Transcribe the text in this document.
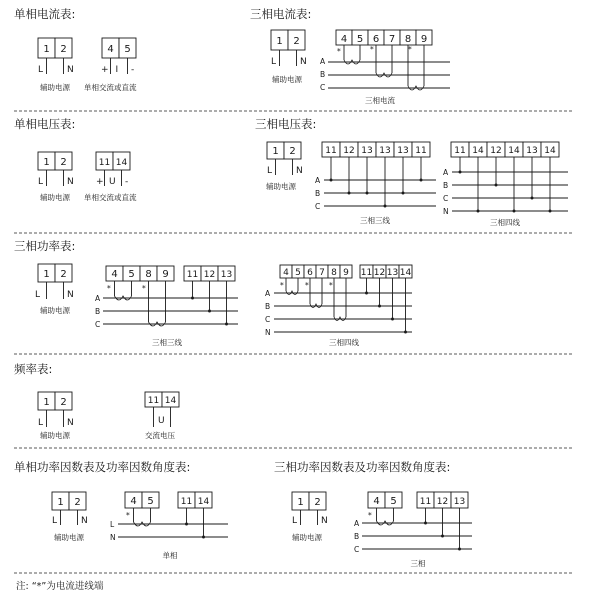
单相电流表:
1 2
L	N
辅助电源
4 5
+ I -
单相交流或直流
三相电流表:
1 2
L	N
辅助电源
4 5 6 7 8 9
*	*	*
A
B
C
三相电流
单相电压表:
1 2
L	N
辅助电源
11 14
+ U -
单相交流或直流
三相电压表:
1 2
L	N
辅助电源
11 12 13 13 13 11
A
B
C
三相三线
11 14 12 14 13 14
A
B
C
N
三相四线
三相功率表:
1 2
L	N
辅助电源
4 5 8 9 11 12 13
*	*
A
B
C
三相三线
4 5 6 7 8 9 11 12 13 14
*	*	*
A
B
C
N
三相四线
频率表:
1 2
L	N
辅助电源
11 14
U
交流电压
单相功率因数表及功率因数角度表:
1 2
L	N
辅助电源
4 5	11 14
*
L
N
单相
三相功率因数表及功率因数角度表:
1 2
L	N
辅助电源
4 5	11 12 13
*
A
B
C
三相
注: “*”为电流进线端
